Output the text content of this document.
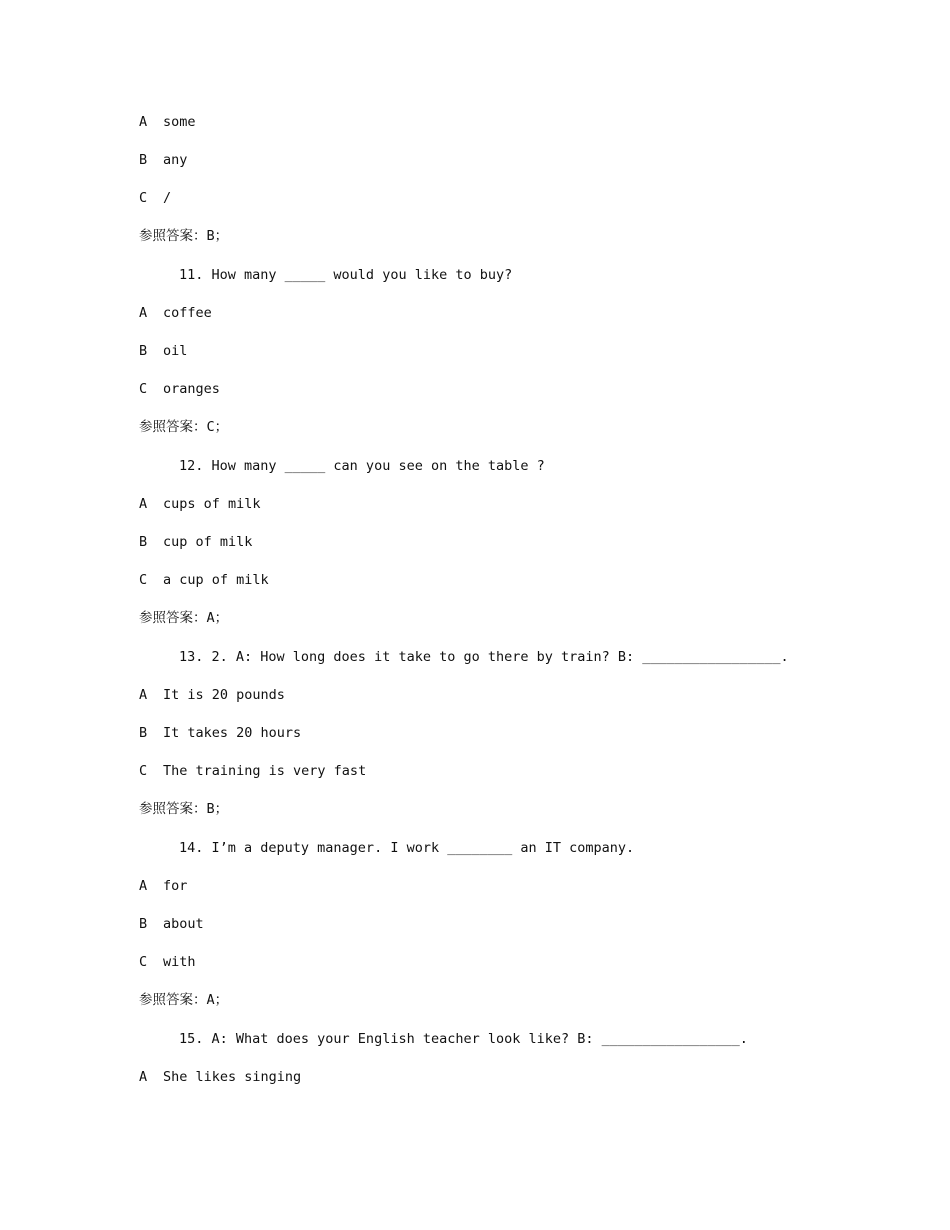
A some
B any
C /
参照答案：B；
11. How many _____ would you like to buy?
A coffee
B oil
C oranges
参照答案：C；
12. How many _____ can you see on the table ?
A cups of milk
B cup of milk
C a cup of milk
参照答案：A；
13. 2. A: How long does it take to go there by train? B: _________________.
A It is 20 pounds
B It takes 20 hours
C The training is very fast
参照答案：B；
14. I’m a deputy manager. I work ________ an IT company.
A for
B about
C with
参照答案：A；
15. A: What does your English teacher look like? B: _________________.
A She likes singing
